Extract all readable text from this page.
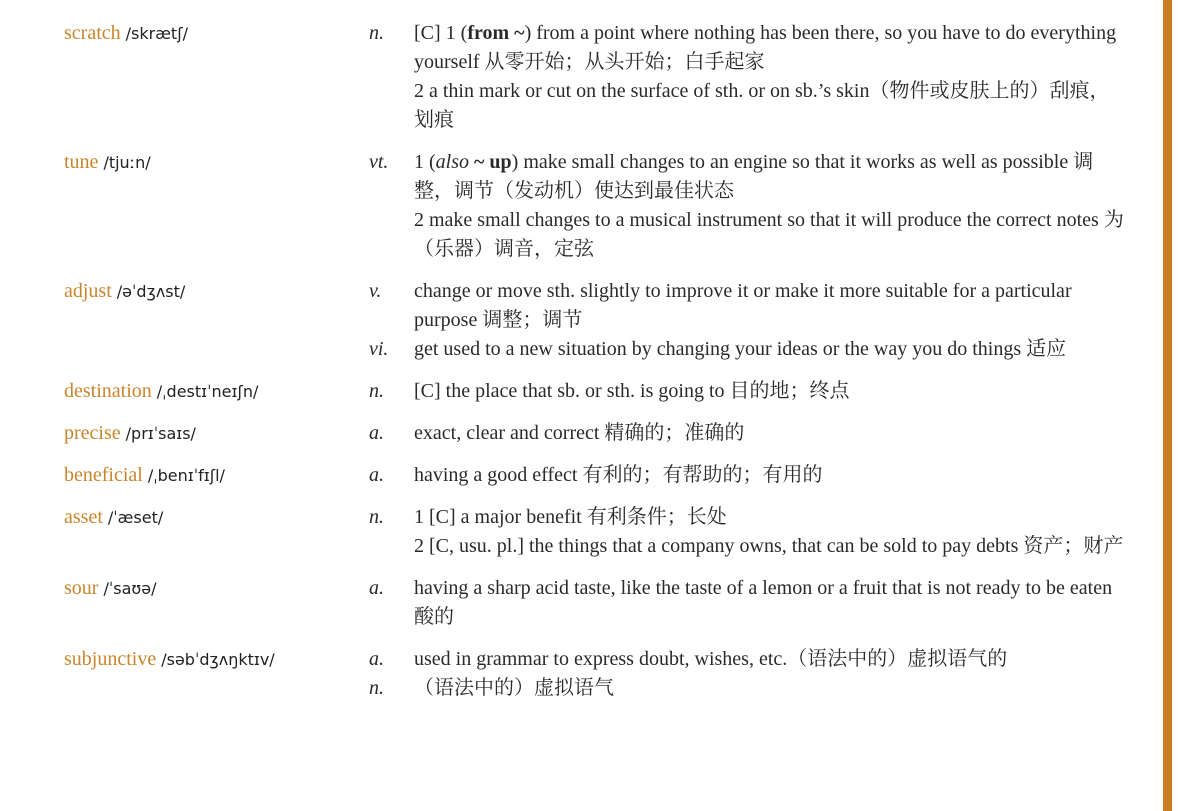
scratch /skrætʃ/	n.	[C] 1 (from ~) from a point where nothing has been there, so you have to do everything yourself 从零开始；从头开始；白手起家
2 a thin mark or cut on the surface of sth. or on sb.’s skin（物件或皮肤上的）刮痕，划痕
tune /tjuːn/	vt.	1 (also ~ up) make small changes to an engine so that it works as well as possible 调整，调节（发动机）使达到最佳状态
2 make small changes to a musical instrument so that it will produce the correct notes 为（乐器）调音，定弦
adjust /əˈdʒʌst/	v.	change or move sth. slightly to improve it or make it more suitable for a particular purpose 调整；调节
vi.	get used to a new situation by changing your ideas or the way you do things 适应
destination /ˌdestɪˈneɪʃn/	n.	[C] the place that sb. or sth. is going to 目的地；终点
precise /prɪˈsaɪs/	a.	exact, clear and correct 精确的；准确的
beneficial /ˌbenɪˈfɪʃl/	a.	having a good effect 有利的；有帮助的；有用的
asset /ˈæset/	n.	1 [C] a major benefit 有利条件；长处
2 [C, usu. pl.] the things that a company owns, that can be sold to pay debts 资产；财产
sour /ˈsaʊə/	a.	having a sharp acid taste, like the taste of a lemon or a fruit that is not ready to be eaten 酸的
subjunctive /səbˈdʒʌŋktɪv/	a.	used in grammar to express doubt, wishes, etc.（语法中的）虚拟语气的
n.	（语法中的）虚拟语气
